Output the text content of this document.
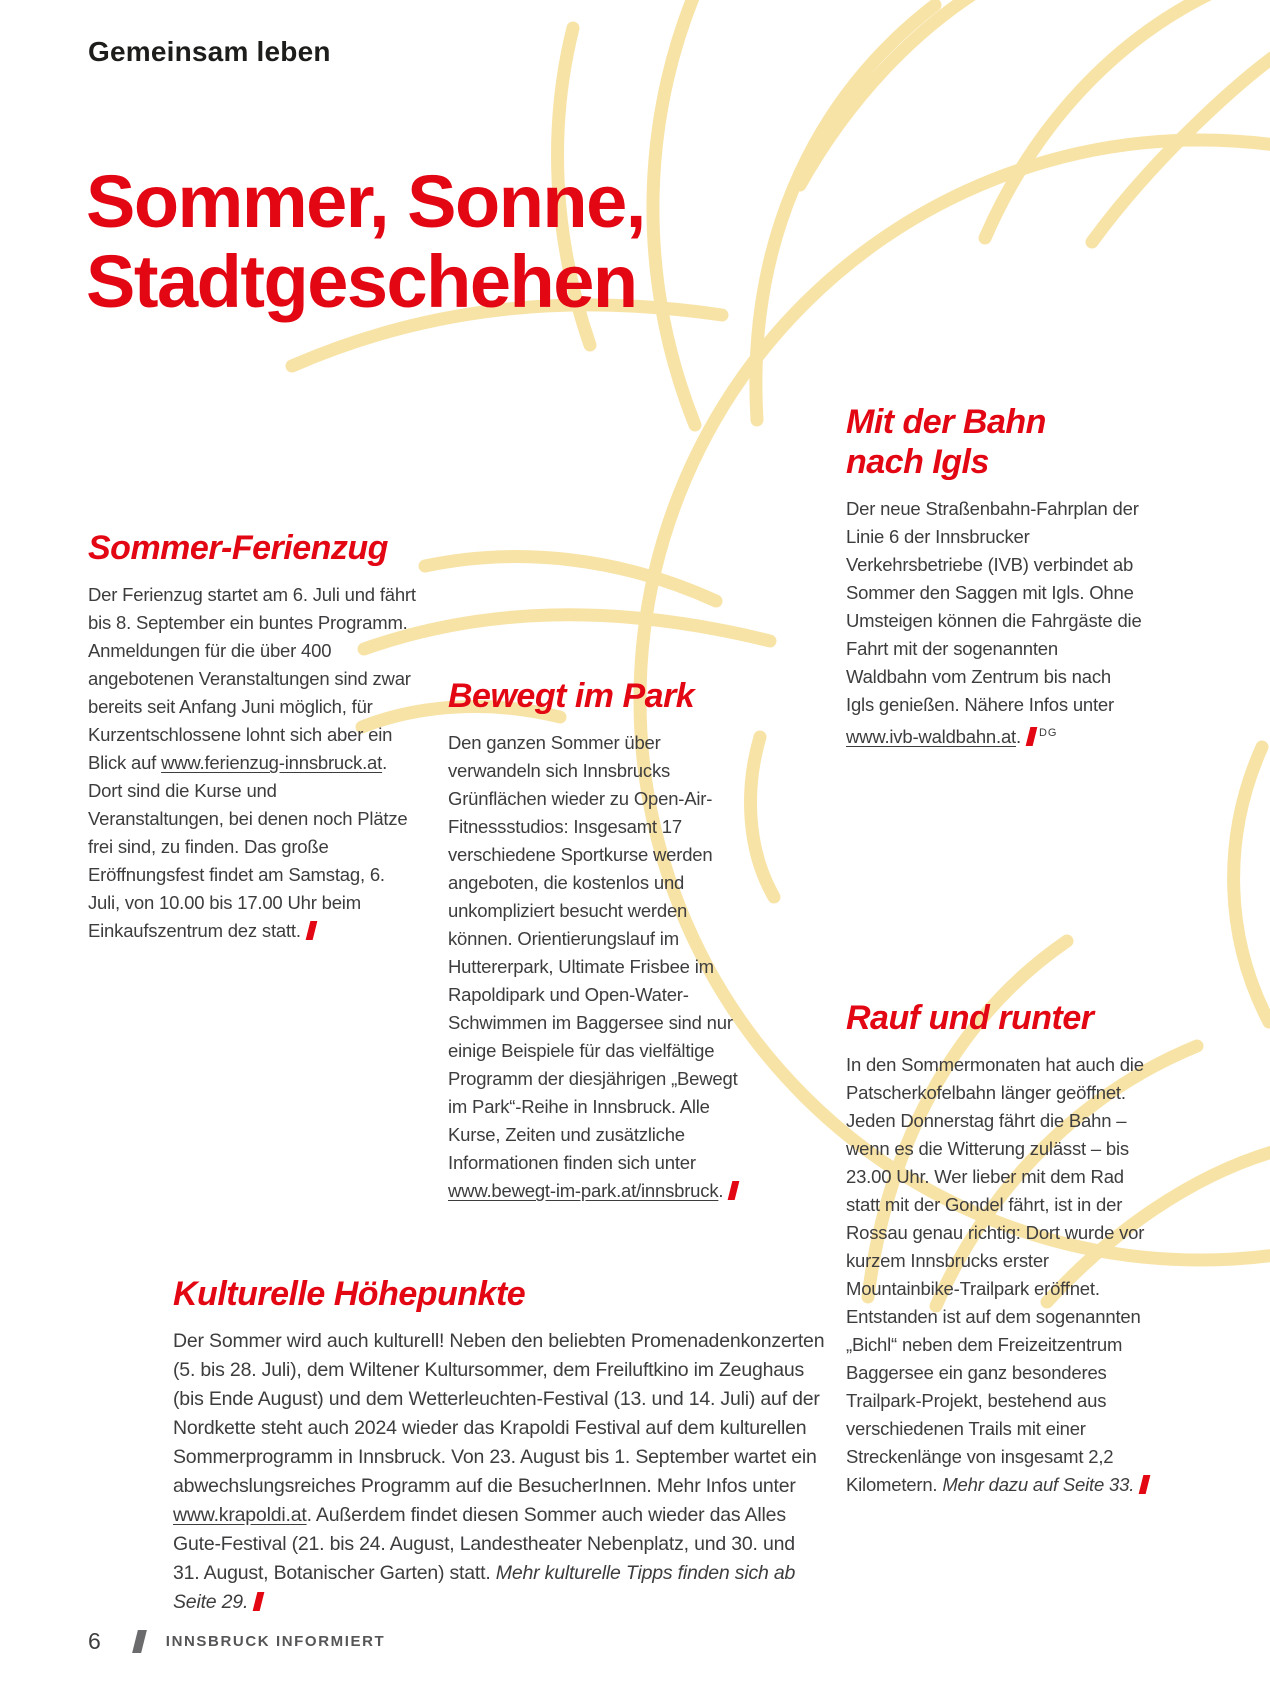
Gemeinsam leben
Sommer, Sonne,
Stadtgeschehen
Sommer-Ferienzug

Der Ferienzug startet am 6. Juli und fährt bis 8. September ein buntes Programm. Anmeldungen für die über 400 angebotenen Veranstaltungen sind zwar bereits seit Anfang Juni möglich, für Kurzentschlossene lohnt sich aber ein Blick auf www.ferienzug-innsbruck.at. Dort sind die Kurse und Veranstaltungen, bei denen noch Plätze frei sind, zu finden. Das große Eröffnungsfest findet am Samstag, 6. Juli, von 10.00 bis 17.00 Uhr beim Einkaufszentrum dez statt.

Bewegt im Park

Den ganzen Sommer über verwandeln sich Innsbrucks Grünflächen wieder zu Open-Air-Fitnessstudios: Insgesamt 17 verschiedene Sportkurse werden angeboten, die kostenlos und unkompliziert besucht werden können. Orientierungslauf im Huttererpark, Ultimate Frisbee im Rapoldipark und Open-Water-Schwimmen im Baggersee sind nur einige Beispiele für das vielfältige Programm der diesjährigen „Bewegt im Park“-Reihe in Innsbruck. Alle Kurse, Zeiten und zusätzliche Informationen finden sich unter www.bewegt-im-park.at/innsbruck.

Mit der Bahn
nach Igls

Der neue Straßenbahn-Fahrplan der Linie 6 der Innsbrucker Verkehrsbetriebe (IVB) verbindet ab Sommer den Saggen mit Igls. Ohne Umsteigen können die Fahrgäste die Fahrt mit der sogenannten Waldbahn vom Zentrum bis nach Igls genießen. Nähere Infos unter www.ivb-waldbahn.at. $^{DG}$

Rauf und runter

In den Sommermonaten hat auch die Patscherkofelbahn länger geöffnet. Jeden Donnerstag fährt die Bahn – wenn es die Witterung zulässt – bis 23.00 Uhr. Wer lieber mit dem Rad statt mit der Gondel fährt, ist in der Rossau genau richtig: Dort wurde vor kurzem Innsbrucks erster Mountainbike-Trailpark eröffnet. Entstanden ist auf dem sogenannten „Bichl“ neben dem Freizeitzentrum Baggersee ein ganz besonderes Trailpark-Projekt, bestehend aus verschiedenen Trails mit einer Streckenlänge von insgesamt 2,2 Kilometern. Mehr dazu auf Seite 33.

Kulturelle Höhepunkte

Der Sommer wird auch kulturell! Neben den beliebten Promenadenkonzerten (5. bis 28. Juli), dem Wiltener Kultursommer, dem Freiluftkino im Zeughaus (bis Ende August) und dem Wetterleuchten-Festival (13. und 14. Juli) auf der Nordkette steht auch 2024 wieder das Krapoldi Festival auf dem kulturellen Sommerprogramm in Innsbruck. Von 23. August bis 1. September wartet ein abwechslungsreiches Programm auf die BesucherInnen. Mehr Infos unter www.krapoldi.at. Außerdem findet diesen Sommer auch wieder das Alles Gute-Festival (21. bis 24. August, Landestheater Nebenplatz, und 30. und 31. August, Botanischer Garten) statt. Mehr kulturelle Tipps finden sich ab Seite 29.

6	INNSBRUCK INFORMIERT
